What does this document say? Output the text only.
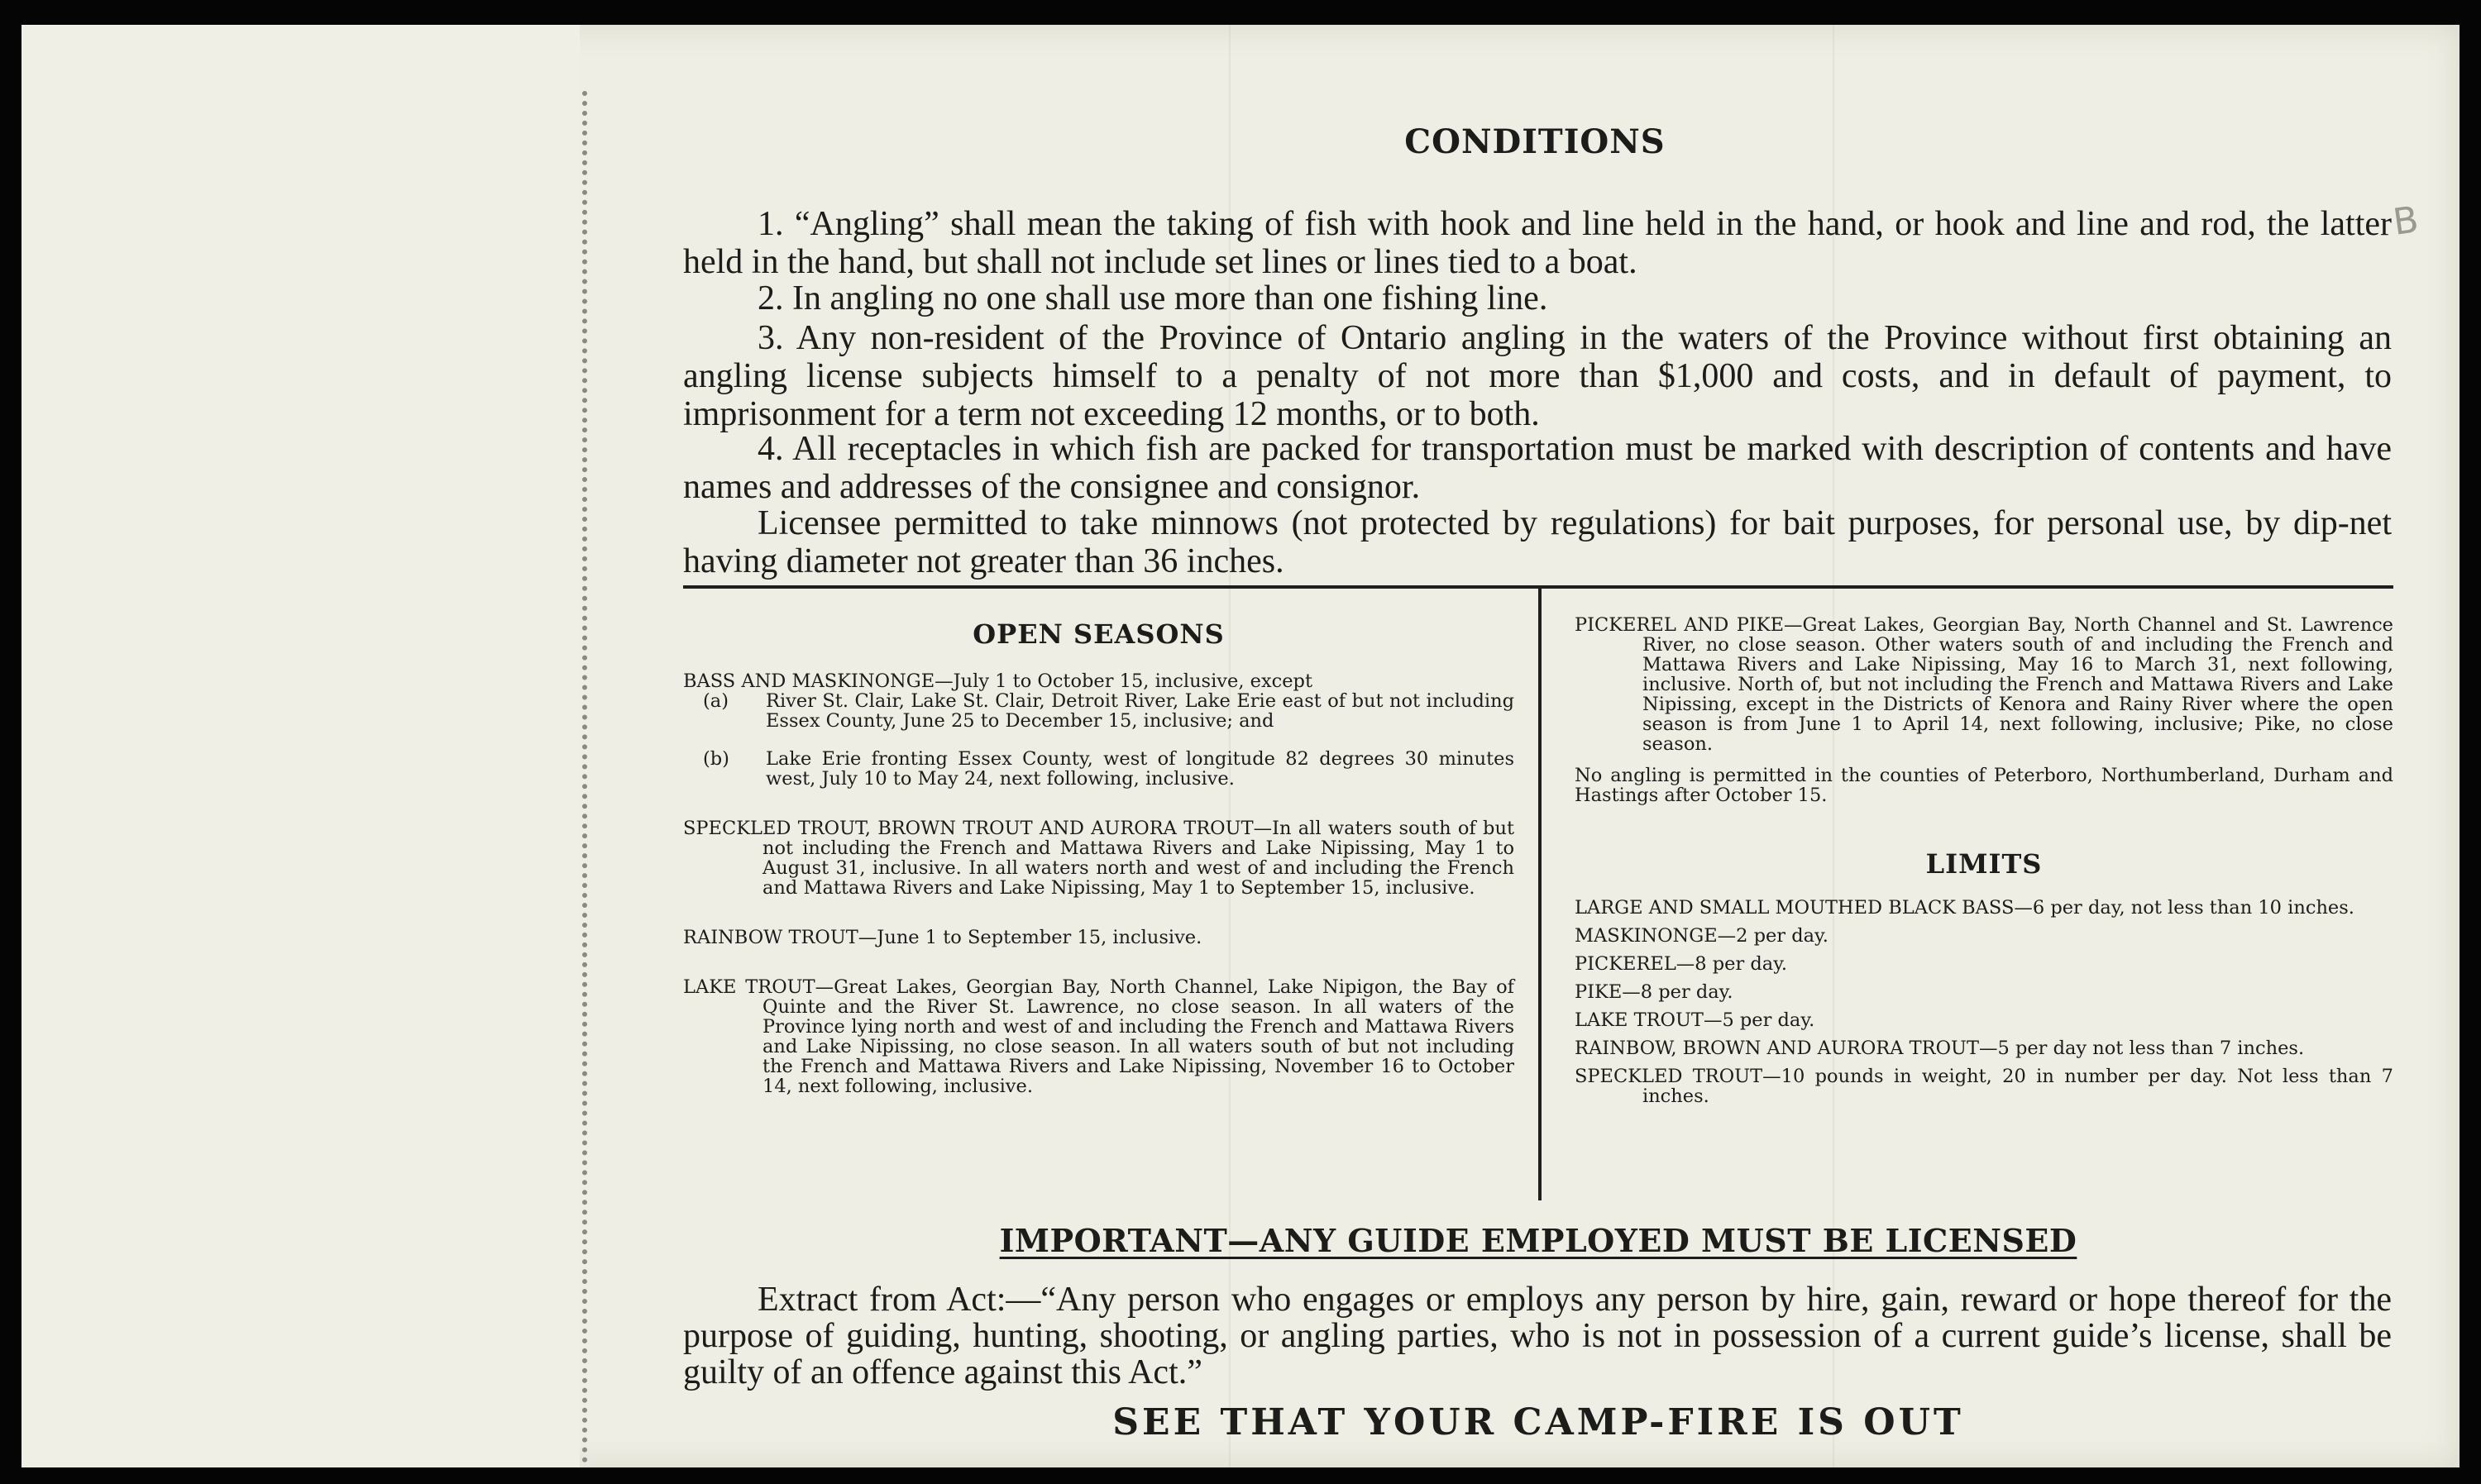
CONDITIONS
1. “Angling” shall mean the taking of fish with hook and line held in the hand, or hook and line and rod, the latter held in the hand, but shall not include set lines or lines tied to a boat.
2. In angling no one shall use more than one fishing line.
3. Any non-resident of the Province of Ontario angling in the waters of the Province without first obtaining an angling license subjects himself to a penalty of not more than $1,000 and costs, and in default of payment, to imprisonment for a term not exceeding 12 months, or to both.
4. All receptacles in which fish are packed for transportation must be marked with description of contents and have names and addresses of the consignee and consignor.
Licensee permitted to take minnows (not protected by regulations) for bait purposes, for personal use, by dip-net having diameter not greater than 36 inches.
B
OPEN SEASONS
BASS AND MASKINONGE—July 1 to October 15, inclusive, except
(a)	River St. Clair, Lake St. Clair, Detroit River, Lake Erie east of but not including Essex County, June 25 to December 15, inclusive; and
(b)	Lake Erie fronting Essex County, west of longitude 82 degrees 30 minutes west, July 10 to May 24, next following, inclusive.
SPECKLED TROUT, BROWN TROUT AND AURORA TROUT—In all waters south of but not including the French and Mattawa Rivers and Lake Nipissing, May 1 to August 31, inclusive. In all waters north and west of and including the French and Mattawa Rivers and Lake Nipissing, May 1 to September 15, inclusive.
RAINBOW TROUT—June 1 to September 15, inclusive.
LAKE TROUT—Great Lakes, Georgian Bay, North Channel, Lake Nipigon, the Bay of Quinte and the River St. Lawrence, no close season. In all waters of the Province lying north and west of and including the French and Mattawa Rivers and Lake Nipissing, no close season. In all waters south of but not including the French and Mattawa Rivers and Lake Nipissing, November 16 to October 14, next following, inclusive.
PICKEREL AND PIKE—Great Lakes, Georgian Bay, North Channel and St. Lawrence River, no close season. Other waters south of and including the French and Mattawa Rivers and Lake Nipissing, May 16 to March 31, next following, inclusive. North of, but not including the French and Mattawa Rivers and Lake Nipissing, except in the Districts of Kenora and Rainy River where the open season is from June 1 to April 14, next following, inclusive; Pike, no close season.
No angling is permitted in the counties of Peterboro, Northumberland, Durham and Hastings after October 15.
LIMITS
LARGE AND SMALL MOUTHED BLACK BASS—6 per day, not less than 10 inches.
MASKINONGE—2 per day.
PICKEREL—8 per day.
PIKE—8 per day.
LAKE TROUT—5 per day.
RAINBOW, BROWN AND AURORA TROUT—5 per day not less than 7 inches.
SPECKLED TROUT—10 pounds in weight, 20 in number per day. Not less than 7 inches.
IMPORTANT—ANY GUIDE EMPLOYED MUST BE LICENSED
Extract from Act:—“Any person who engages or employs any person by hire, gain, reward or hope thereof for the purpose of guiding, hunting, shooting, or angling parties, who is not in possession of a current guide’s license, shall be guilty of an offence against this Act.”
SEE THAT YOUR CAMP-FIRE IS OUT
